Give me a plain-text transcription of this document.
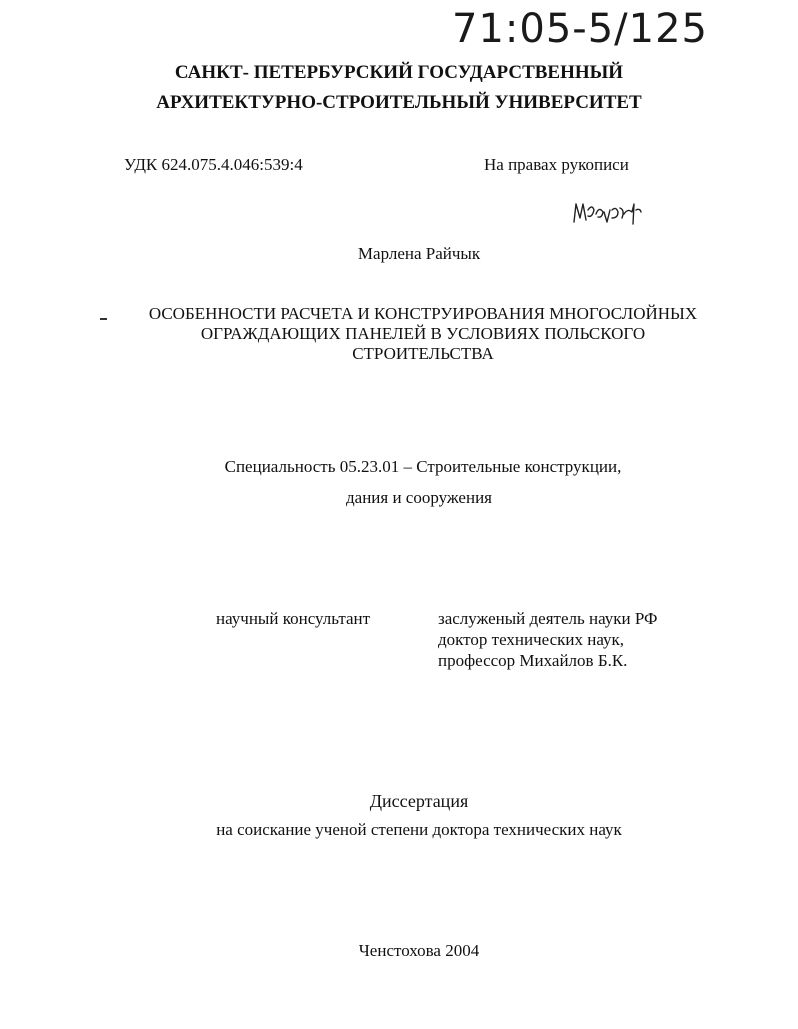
71:05-5/125
САНКТ- ПЕТЕРБУРСКИЙ ГОСУДАРСТВЕННЫЙ
АРХИТЕКТУРНО-СТРОИТЕЛЬНЫЙ УНИВЕРСИТЕТ
УДК 624.075.4.046:539:4	На правах рукописи
Марлена Райчык
ОСОБЕННОСТИ РАСЧЕТА И КОНСТРУИРОВАНИЯ МНОГОСЛОЙНЫХ
ОГРАЖДАЮЩИХ ПАНЕЛЕЙ В УСЛОВИЯХ ПОЛЬСКОГО
СТРОИТЕЛЬСТВА
Специальность 05.23.01 – Строительные конструкции,
дания и сооружения
научный консультант	заслуженый деятель науки РФ
доктор технических наук,
профессор Михайлов Б.К.
Диссертация
на соискание ученой степени доктора технических наук
Ченстохова 2004
